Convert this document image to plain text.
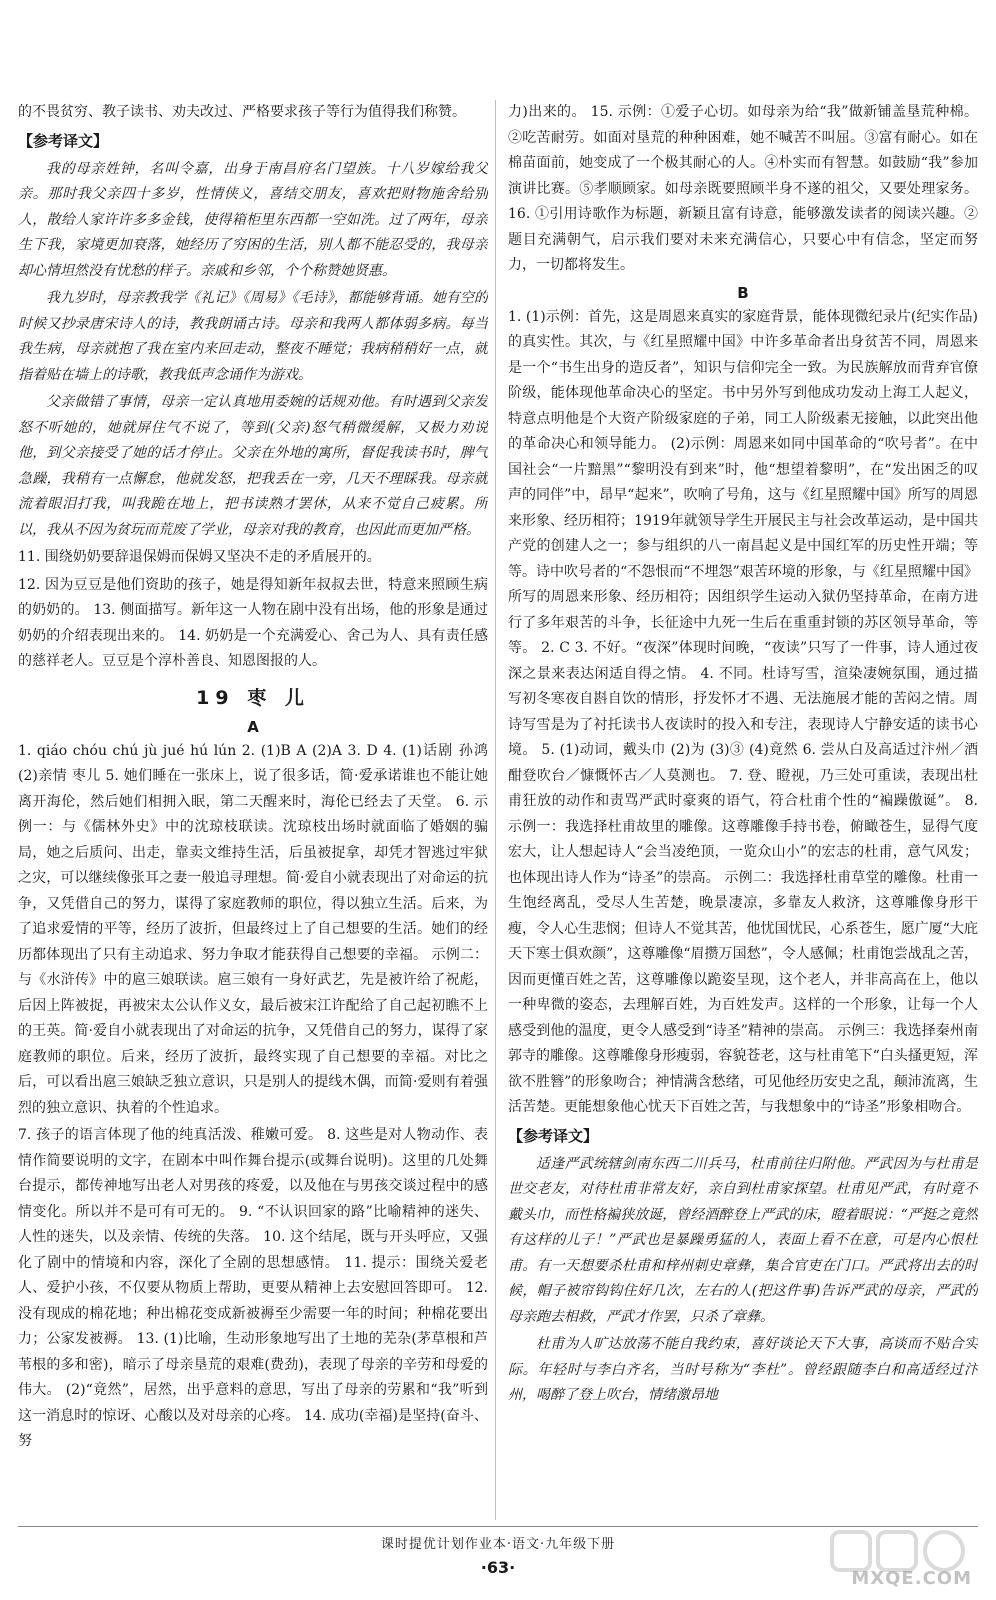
的不畏贫穷、教子读书、劝夫改过、严格要求孩子等行为值得我们称赞。

【参考译文】

我的母亲姓钟，名叫令嘉，出身于南昌府名门望族。十八岁嫁给我父亲。那时我父亲四十多岁，性情侠义，喜结交朋友，喜欢把财物施舍给别人，散给人家许许多多金钱，使得箱柜里东西都一空如洗。过了两年，母亲生下我，家境更加衰落，她经历了穷困的生活，别人都不能忍受的，我母亲却心情坦然没有忧愁的样子。亲戚和乡邻，个个称赞她贤惠。

我九岁时，母亲教我学《礼记》《周易》《毛诗》，都能够背诵。她有空的时候又抄录唐宋诗人的诗，教我朗诵古诗。母亲和我两人都体弱多病。每当我生病，母亲就抱了我在室内来回走动，整夜不睡觉；我病稍稍好一点，就指着贴在墙上的诗歌，教我低声念诵作为游戏。

父亲做错了事情，母亲一定认真地用委婉的话规劝他。有时遇到父亲发怒不听她的，她就屏住气不说了，等到(父亲)怒气稍微缓解，又极力劝说他，到父亲接受了她的话才停止。父亲在外地的寓所，督促我读书时，脾气急躁，我稍有一点懈怠，他就发怒，把我丢在一旁，几天不理睬我。母亲就流着眼泪打我，叫我跪在地上，把书读熟才罢休，从来不觉自己疲累。所以，我从不因为贫玩而荒废了学业，母亲对我的教育，也因此而更加严格。

11. 围绕奶奶要辞退保姆而保姆又坚决不走的矛盾展开的。

12. 因为豆豆是他们资助的孩子，她是得知新年叔叔去世，特意来照顾生病的奶奶的。 13. 侧面描写。新年这一人物在剧中没有出场，他的形象是通过奶奶的介绍表现出来的。 14. 奶奶是一个充满爱心、舍己为人、具有责任感的慈祥老人。豆豆是个淳朴善良、知恩图报的人。

19 枣 儿
A

1. qiáo chóu chú jù jué hú lún 2. (1)B A (2)A 3. D 4. (1)话剧 孙鸿 (2)亲情 枣儿 5. 她们睡在一张床上，说了很多话，简·爱承诺谁也不能让她离开海伦，然后她们相拥入眠，第二天醒来时，海伦已经去了天堂。 6. 示例一：与《儒林外史》中的沈琼枝联读。沈琼枝出场时就面临了婚姻的骗局，她之后质问、出走，靠卖文维持生活，后虽被捉拿，却凭才智逃过牢狱之灾，可以继续像张耳之妻一般追寻理想。简·爱自小就表现出了对命运的抗争，又凭借自己的努力，谋得了家庭教师的职位，得以独立生活。后来，为了追求爱情的平等，经历了波折，但最终过上了自己想要的生活。她们的经历都体现出了只有主动追求、努力争取才能获得自己想要的幸福。 示例二：与《水浒传》中的扈三娘联读。扈三娘有一身好武艺，先是被许给了祝彪，后因上阵被捉，再被宋太公认作义女，最后被宋江许配给了自己起初瞧不上的王英。简·爱自小就表现出了对命运的抗争，又凭借自己的努力，谋得了家庭教师的职位。后来，经历了波折，最终实现了自己想要的幸福。对比之后，可以看出扈三娘缺乏独立意识，只是别人的提线木偶，而简·爱则有着强烈的独立意识、执着的个性追求。

7. 孩子的语言体现了他的纯真活泼、稚嫩可爱。 8. 这些是对人物动作、表情作简要说明的文字，在剧本中叫作舞台提示(或舞台说明)。这里的几处舞台提示，都传神地写出老人对男孩的疼爱，以及他在与男孩交谈过程中的感情变化。所以并不是可有可无的。 9. “不认识回家的路”比喻精神的迷失、人性的迷失，以及亲情、传统的失落。 10. 这个结尾，既与开头呼应，又强化了剧中的情境和内容，深化了全剧的思想感情。 11. 提示：围绕关爱老人、爱护小孩，不仅要从物质上帮助，更要从精神上去安慰回答即可。 12. 没有现成的棉花地；种出棉花变成新被褥至少需要一年的时间；种棉花要出力；公家发被褥。 13. (1)比喻，生动形象地写出了土地的芜杂(茅草根和芦苇根的多和密)，暗示了母亲垦荒的艰难(费劲)，表现了母亲的辛劳和母爱的伟大。 (2)“竟然”，居然，出乎意料的意思，写出了母亲的劳累和“我”听到这一消息时的惊讶、心酸以及对母亲的心疼。 14. 成功(幸福)是坚持(奋斗、努

力)出来的。 15. 示例：①爱子心切。如母亲为给“我”做新铺盖垦荒种棉。②吃苦耐劳。如面对垦荒的种种困难，她不喊苦不叫屈。③富有耐心。如在棉苗面前，她变成了一个极其耐心的人。④朴实而有智慧。如鼓励“我”参加演讲比赛。⑤孝顺顾家。如母亲既要照顾半身不遂的祖父，又要处理家务。 16. ①引用诗歌作为标题，新颖且富有诗意，能够激发读者的阅读兴趣。②题目充满朝气，启示我们要对未来充满信心，只要心中有信念，坚定而努力，一切都将发生。

B

1. (1)示例：首先，这是周恩来真实的家庭背景，能体现微纪录片(纪实作品)的真实性。其次，与《红星照耀中国》中许多革命者出身贫苦不同，周恩来是一个“书生出身的造反者”，知识与信仰完全一致。为民族解放而背弃官僚阶级，能体现他革命决心的坚定。书中另外写到他成功发动上海工人起义，特意点明他是个大资产阶级家庭的子弟，同工人阶级素无接触，以此突出他的革命决心和领导能力。 (2)示例：周恩来如同中国革命的“吹号者”。在中国社会“一片黯黑”“黎明没有到来”时，他“想望着黎明”，在“发出困乏的叹声的同伴”中，昂早“起来”，吹响了号角，这与《红星照耀中国》所写的周恩来形象、经历相符；1919年就领导学生开展民主与社会改革运动，是中国共产党的创建人之一；参与组织的八一南昌起义是中国红军的历史性开端；等等。诗中吹号者的“不怨恨而“不埋怨”艰苦环境的形象，与《红星照耀中国》所写的周恩来形象、经历相符；因组织学生运动入狱仍坚持革命，在南方进行了多年艰苦的斗争，长征途中九死一生后在重重封锁的苏区领导革命，等等。 2. C 3. 不好。“夜深”体现时间晚，“夜读”只写了一件事，诗人通过夜深之景来表达闲适自得之情。 4. 不同。杜诗写雪，渲染凄婉氛围，通过描写初冬寒夜自斟自饮的情形，抒发怀才不遇、无法施展才能的苦闷之情。周诗写雪是为了衬托读书人夜读时的投入和专注，表现诗人宁静安适的读书心境。 5. (1)动词，戴头巾 (2)为 (3)③ (4)竟然 6. 尝从白及高适过汴州／酒酣登吹台／慷慨怀古／人莫测也。 7. 登、瞪视，乃三处可重读，表现出杜甫狂放的动作和责骂严武时豪爽的语气，符合杜甫个性的“褊躁傲诞”。 8. 示例一：我选择杜甫故里的雕像。这尊雕像手持书卷，俯瞰苍生，显得气度宏大，让人想起诗人“会当凌绝顶，一览众山小”的宏志的杜甫，意气风发；也体现出诗人作为“诗圣”的崇高。 示例二：我选择杜甫草堂的雕像。杜甫一生饱经离乱，受尽人生苦楚，晚景凄凉，多靠友人救济，这尊雕像身形干瘦，令人心生悲悯；但诗人不觉其苦，他忧国忧民，心系苍生，愿广厦“大庇天下寒士俱欢颜”，这尊雕像“眉攒万国愁”，令人感佩；杜甫饱尝战乱之苦，因而更懂百姓之苦，这尊雕像以跪姿呈现，这个老人，并非高高在上，他以一种卑微的姿态，去理解百姓，为百姓发声。这样的一个形象，让每一个人感受到他的温度，更令人感受到“诗圣”精神的崇高。 示例三：我选择秦州南郭寺的雕像。这尊雕像身形瘦弱，容貌苍老，这与杜甫笔下“白头搔更短，浑欲不胜簪”的形象吻合；神情满含愁绪，可见他经历安史之乱，颠沛流离，生活苦楚。更能想象他心忧天下百姓之苦，与我想象中的“诗圣”形象相吻合。

【参考译文】

适逢严武统辖剑南东西二川兵马，杜甫前往归附他。严武因为与杜甫是世交老友，对待杜甫非常友好，亲自到杜甫家探望。杜甫见严武，有时竟不戴头巾，而性格褊狭放诞，曾经酒醉登上严武的床，瞪着眼说：“严挺之竟然有这样的儿子！”严武也是暴躁勇猛的人，表面上看不在意，可是内心恨杜甫。有一天想要杀杜甫和梓州刺史章彝，集合官吏在门口。严武将出去的时候，帽子被帘钩钩住好几次，左右的人(把这件事)告诉严武的母亲，严武的母亲跑去相救，严武才作罢，只杀了章彝。

杜甫为人旷达放荡不能自我约束，喜好谈论天下大事，高谈而不贴合实际。年轻时与李白齐名，当时号称为“李杜”。曾经跟随李白和高适经过汴州，喝醉了登上吹台，情绪激昂地

课时提优计划作业本·语文·九年级下册
·63·
MXQE.COM
